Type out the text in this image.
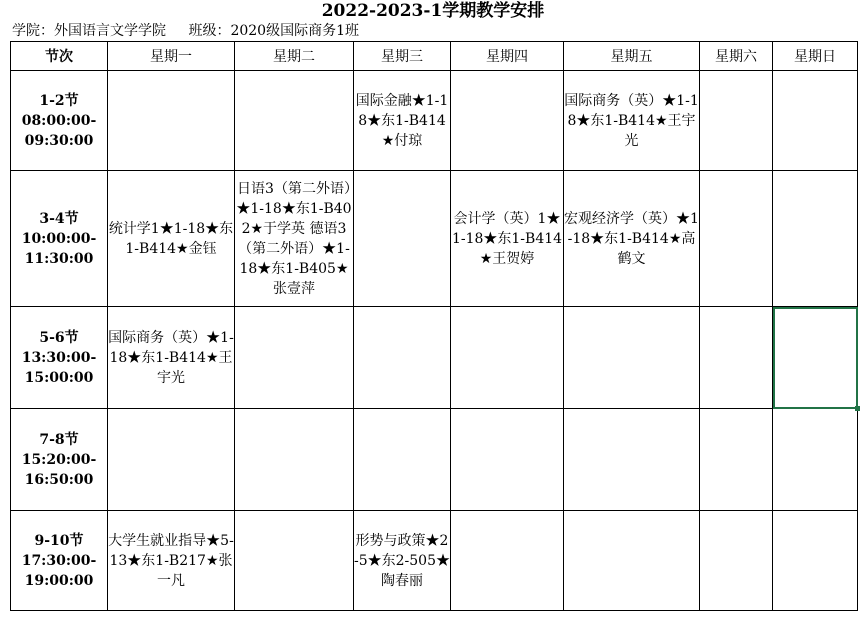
2022-2023-1学期教学安排
学院：外国语言文学学院 班级：2020级国际商务1班
节次	星期一	星期二	星期三	星期四	星期五	星期六	星期日

1-2节
08:00:00-
09:30:00			国际金融★1-18★东1-B414★付琼		国际商务（英）★1-18★东1-B414★王宇光		

3-4节
10:00:00-
11:30:00	统计学1★1-18★东1-B414★金钰	日语3（第二外语）★1-18★东1-B402★于学英 德语3（第二外语）★1-18★东1-B405★张壹萍		会计学（英）1★1-18★东1-B414★王贺婷	宏观经济学（英）★1-18★东1-B414★高鹤文		

5-6节
13:30:00-
15:00:00	国际商务（英）★1-18★东1-B414★王宇光						

7-8节
15:20:00-
16:50:00							

9-10节
17:30:00-
19:00:00	大学生就业指导★5-13★东1-B217★张一凡		形势与政策★2-5★东2-505★陶春丽				
